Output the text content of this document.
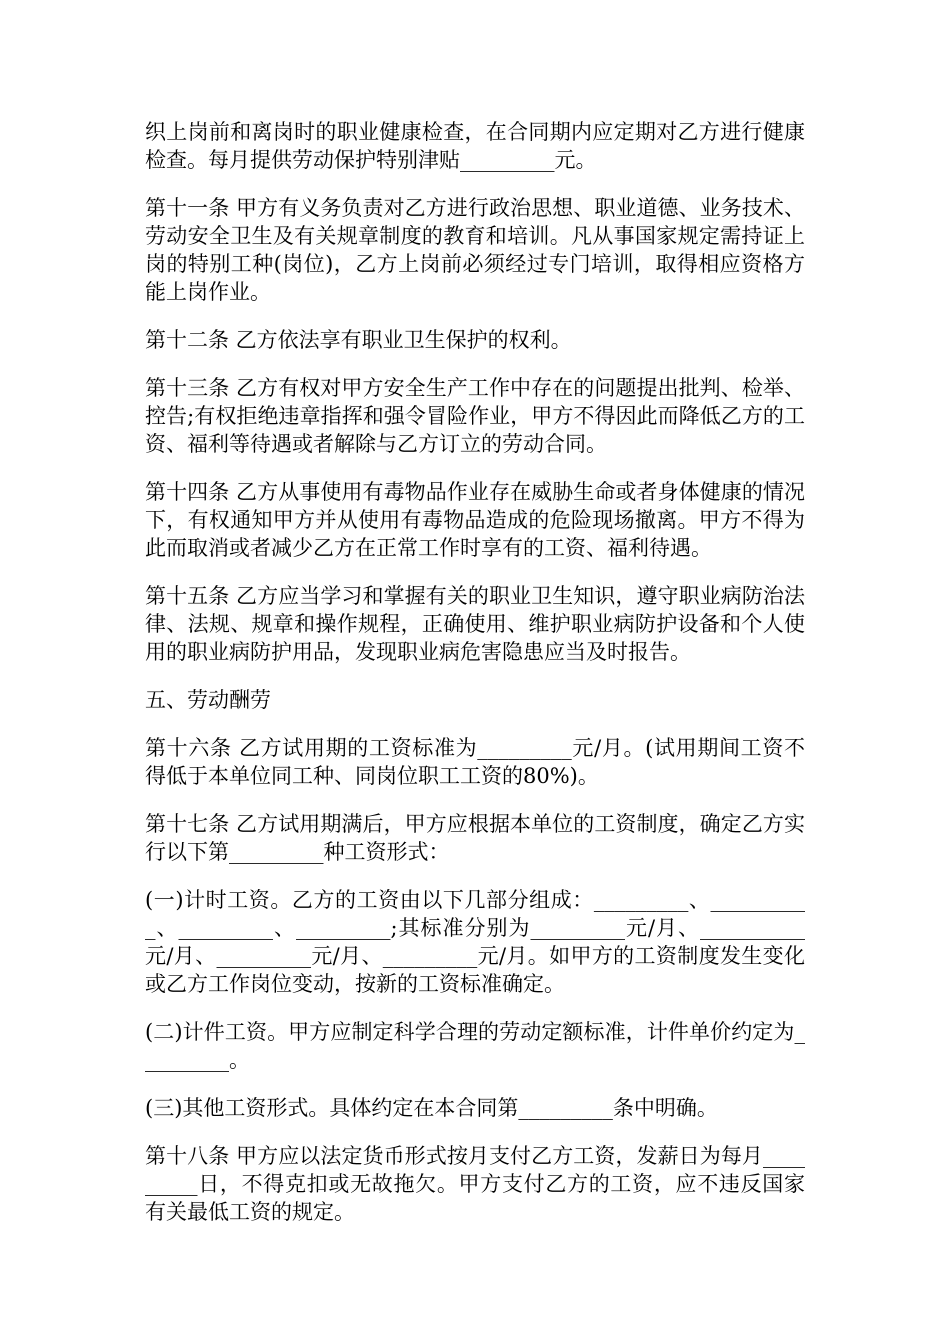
织上岗前和离岗时的职业健康检查，在合同期内应定期对乙方进行健康检查。每月提供劳动保护特别津贴_________元。

第十一条 甲方有义务负责对乙方进行政治思想、职业道德、业务技术、劳动安全卫生及有关规章制度的教育和培训。凡从事国家规定需持证上岗的特别工种(岗位)，乙方上岗前必须经过专门培训，取得相应资格方能上岗作业。

第十二条 乙方依法享有职业卫生保护的权利。

第十三条 乙方有权对甲方安全生产工作中存在的问题提出批判、检举、控告;有权拒绝违章指挥和强令冒险作业，甲方不得因此而降低乙方的工资、福利等待遇或者解除与乙方订立的劳动合同。

第十四条 乙方从事使用有毒物品作业存在威胁生命或者身体健康的情况下，有权通知甲方并从使用有毒物品造成的危险现场撤离。甲方不得为此而取消或者减少乙方在正常工作时享有的工资、福利待遇。

第十五条 乙方应当学习和掌握有关的职业卫生知识，遵守职业病防治法律、法规、规章和操作规程，正确使用、维护职业病防护设备和个人使用的职业病防护用品，发现职业病危害隐患应当及时报告。

五、劳动酬劳

第十六条 乙方试用期的工资标准为_________元/月。(试用期间工资不得低于本单位同工种、同岗位职工工资的80%)。

第十七条 乙方试用期满后，甲方应根据本单位的工资制度，确定乙方实行以下第_________种工资形式：

(一)计时工资。乙方的工资由以下几部分组成：_________、__________、_________、_________;其标准分别为_________元/月、__________元/月、_________元/月、_________元/月。如甲方的工资制度发生变化或乙方工作岗位变动，按新的工资标准确定。

(二)计件工资。甲方应制定科学合理的劳动定额标准，计件单价约定为_________。

(三)其他工资形式。具体约定在本合同第_________条中明确。

第十八条 甲方应以法定货币形式按月支付乙方工资，发薪日为每月_________日，不得克扣或无故拖欠。甲方支付乙方的工资，应不违反国家有关最低工资的规定。
